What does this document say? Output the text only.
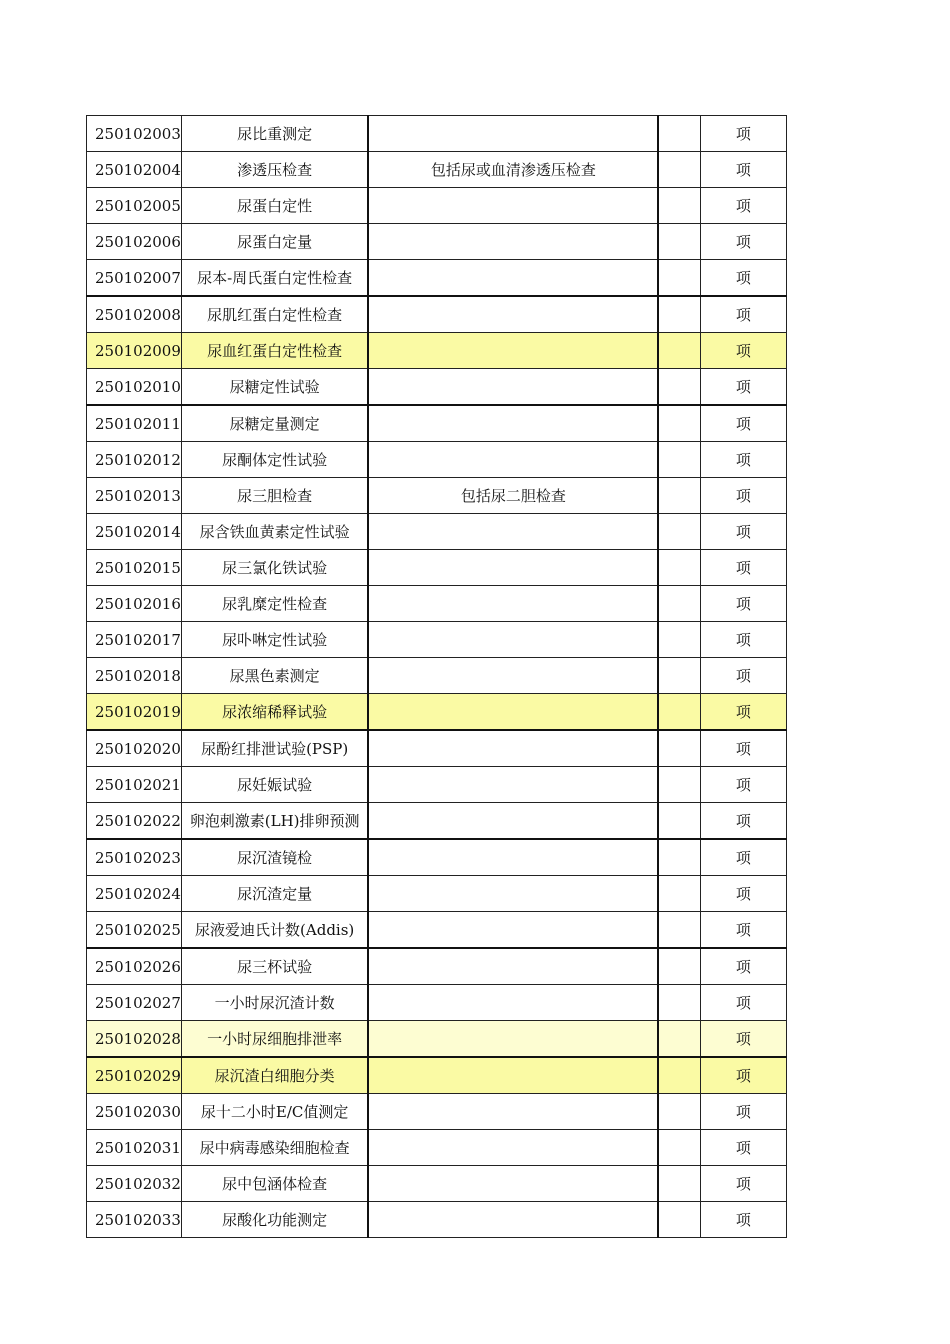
250102003	尿比重测定			项
250102004	渗透压检查	包括尿或血清渗透压检查		项
250102005	尿蛋白定性			项
250102006	尿蛋白定量			项
250102007	尿本-周氏蛋白定性检查			项
250102008	尿肌红蛋白定性检查			项
250102009	尿血红蛋白定性检查			项
250102010	尿糖定性试验			项
250102011	尿糖定量测定			项
250102012	尿酮体定性试验			项
250102013	尿三胆检查	包括尿二胆检查		项
250102014	尿含铁血黄素定性试验			项
250102015	尿三氯化铁试验			项
250102016	尿乳糜定性检查			项
250102017	尿卟啉定性试验			项
250102018	尿黑色素测定			项
250102019	尿浓缩稀释试验			项
250102020	尿酚红排泄试验(PSP)			项
250102021	尿妊娠试验			项
250102022	卵泡刺激素(LH)排卵预测			项
250102023	尿沉渣镜检			项
250102024	尿沉渣定量			项
250102025	尿液爱迪氏计数(Addis)			项
250102026	尿三杯试验			项
250102027	一小时尿沉渣计数			项
250102028	一小时尿细胞排泄率			项
250102029	尿沉渣白细胞分类			项
250102030	尿十二小时E/C值测定			项
250102031	尿中病毒感染细胞检查			项
250102032	尿中包涵体检查			项
250102033	尿酸化功能测定			项
